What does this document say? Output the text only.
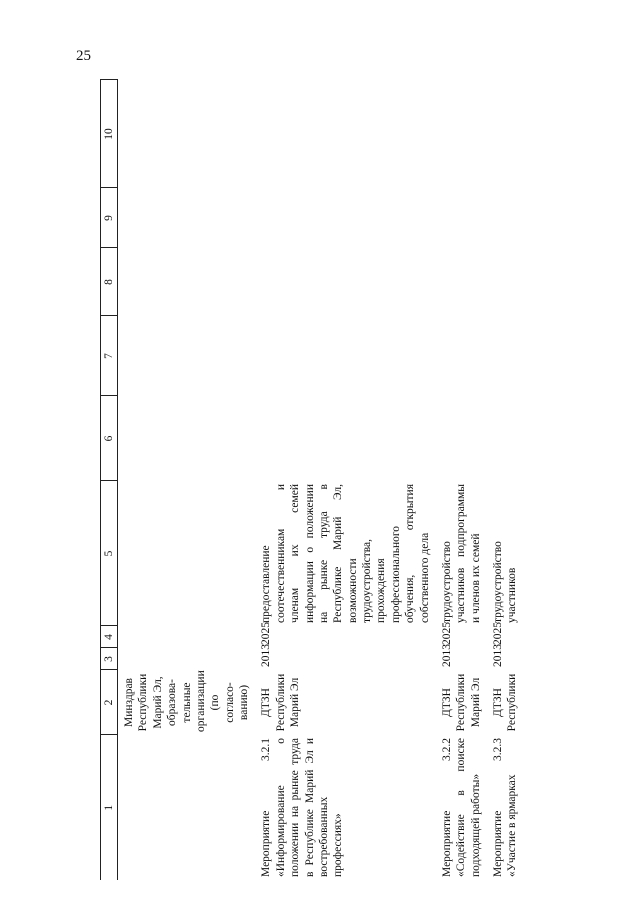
25
1	2	3	4	5	6	7	8	9	10
	Минздрав Республики Марий Эл, образова-тельные организации (по согласо-ванию)								
Мероприятие 3.2.1 «Информирование о положении на рынке труда в Республике Марий Эл и востребованных профессиях»	ДТЗН Республики Марий Эл	2013	2025	предоставление соотечественникам и членам их семей информации о положении на рынке труда в Республике Марий Эл, возможности трудоустройства, прохождения профессионального обучения, открытия собственного дела					
Мероприятие 3.2.2 «Содействие в поиске подходящей работы»	ДТЗН Республики Марий Эл	2013	2025	трудоустройство участников подпрограммы и членов их семей					
Мероприятие 3.2.3 «Участие в ярмарках	ДТЗН Республики	2013	2025	трудоустройство участников					
